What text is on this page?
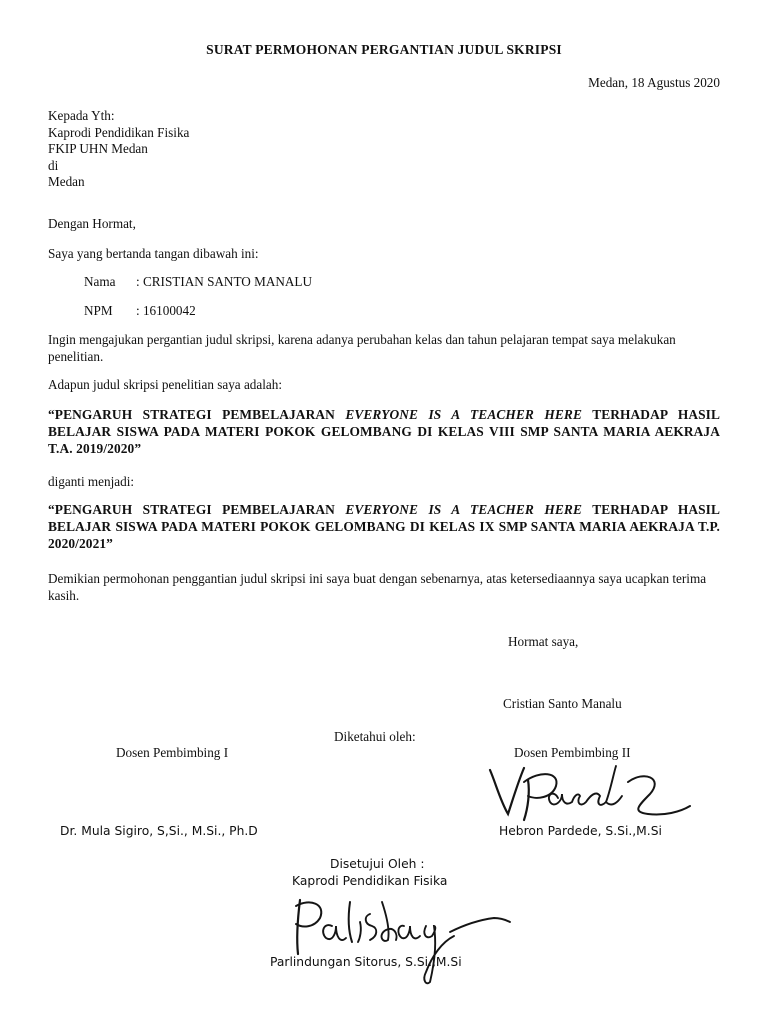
SURAT PERMOHONAN PERGANTIAN JUDUL SKRIPSI
Medan, 18 Agustus 2020
Kepada Yth:
Kaprodi Pendidikan Fisika
FKIP UHN Medan
di
Medan
Dengan Hormat,
Saya yang bertanda tangan dibawah ini:
Nama : CRISTIAN SANTO MANALU
NPM : 16100042
Ingin mengajukan pergantian judul skripsi, karena adanya perubahan kelas dan tahun pelajaran tempat saya melakukan penelitian.
Adapun judul skripsi penelitian saya adalah:
“PENGARUH STRATEGI PEMBELAJARAN EVERYONE IS A TEACHER HERE TERHADAP HASIL BELAJAR SISWA PADA MATERI POKOK GELOMBANG DI KELAS VIII SMP SANTA MARIA AEKRAJA T.A. 2019/2020”
diganti menjadi:
“PENGARUH STRATEGI PEMBELAJARAN EVERYONE IS A TEACHER HERE TERHADAP HASIL BELAJAR SISWA PADA MATERI POKOK GELOMBANG DI KELAS IX SMP SANTA MARIA AEKRAJA T.P. 2020/2021”
Demikian permohonan penggantian judul skripsi ini saya buat dengan sebenarnya, atas ketersediaannya saya ucapkan terima kasih.
Hormat saya,
Cristian Santo Manalu
Diketahui oleh:
Dosen Pembimbing I	Dosen Pembimbing II
Dr. Mula Sigiro, S,Si., M.Si., Ph.D	Hebron Pardede, S.Si.,M.Si
Disetujui Oleh :
Kaprodi Pendidikan Fisika
Parlindungan Sitorus, S.Si.,M.Si
